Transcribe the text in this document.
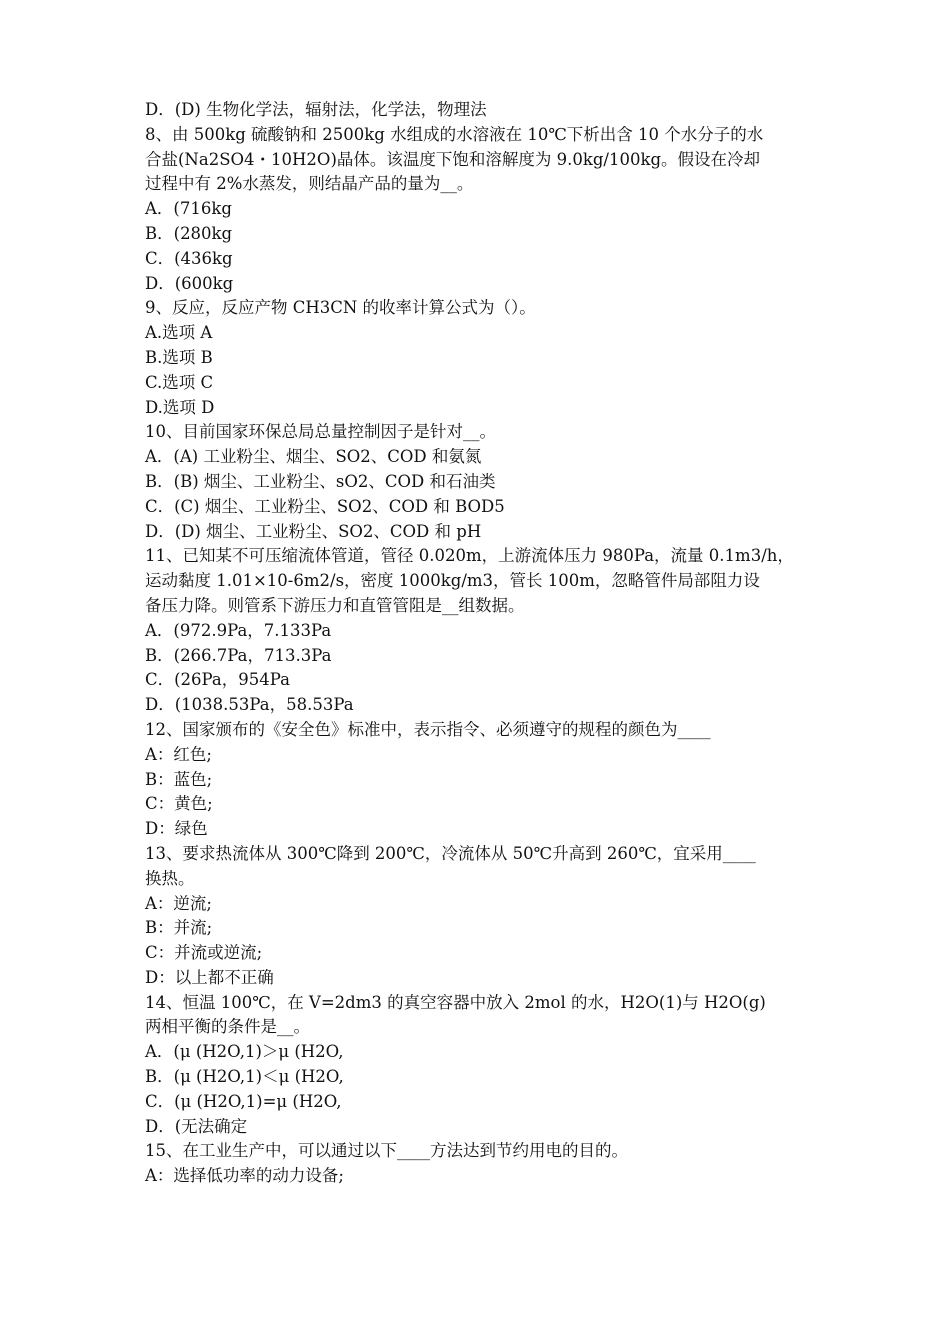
D．(D) 生物化学法，辐射法，化学法，物理法
8、由 500kg 硫酸钠和 2500kg 水组成的水溶液在 10℃下析出含 10 个水分子的水
合盐(Na2SO4・10H2O)晶体。该温度下饱和溶解度为 9.0kg/100kg。假设在冷却
过程中有 2%水蒸发，则结晶产品的量为__。
A．(716kg
B．(280kg
C．(436kg
D．(600kg
9、反应，反应产物 CH3CN 的收率计算公式为（）。
A.选项 A
B.选项 B
C.选项 C
D.选项 D
10、目前国家环保总局总量控制因子是针对__。
A．(A) 工业粉尘、烟尘、SO2、COD 和氨氮
B．(B) 烟尘、工业粉尘、sO2、COD 和石油类
C．(C) 烟尘、工业粉尘、SO2、COD 和 BOD5
D．(D) 烟尘、工业粉尘、SO2、COD 和 pH
11、已知某不可压缩流体管道，管径 0.020m，上游流体压力 980Pa，流量 0.1m3/h，
运动黏度 1.01×10-6m2/s，密度 1000kg/m3，管长 100m，忽略管件局部阻力设
备压力降。则管系下游压力和直管管阻是__组数据。
A．(972.9Pa，7.133Pa
B．(266.7Pa，713.3Pa
C．(26Pa，954Pa
D．(1038.53Pa，58.53Pa
12、国家颁布的《安全色》标准中，表示指令、必须遵守的规程的颜色为____
A：红色;
B：蓝色;
C：黄色;
D：绿色
13、要求热流体从 300℃降到 200℃，冷流体从 50℃升高到 260℃，宜采用____
换热。
A：逆流;
B：并流;
C：并流或逆流;
D：以上都不正确
14、恒温 100℃，在 V=2dm3 的真空容器中放入 2mol 的水，H2O(1)与 H2O(g)
两相平衡的条件是__。
A．(μ (H2O,1)＞μ (H2O,
B．(μ (H2O,1)＜μ (H2O,
C．(μ (H2O,1)=μ (H2O,
D．(无法确定
15、在工业生产中，可以通过以下____方法达到节约用电的目的。
A：选择低功率的动力设备;
